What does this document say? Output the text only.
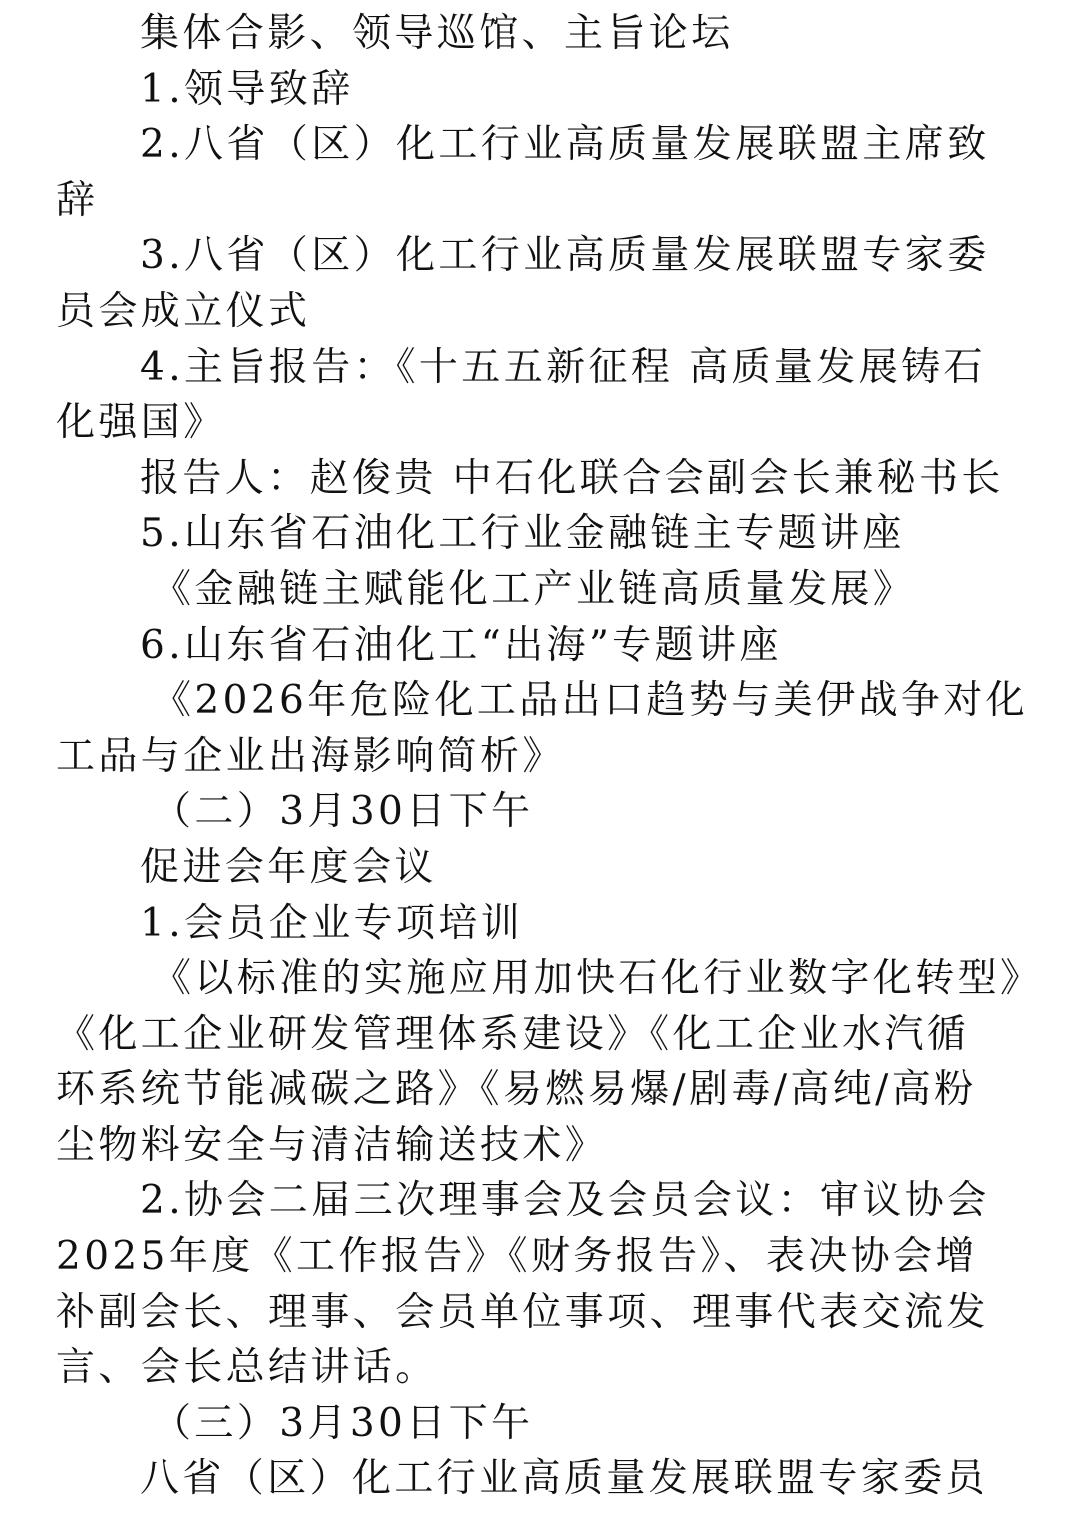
集体合影、领导巡馆、主旨论坛
1.领导致辞
2.八省（区）化工行业高质量发展联盟主席致
辞
3.八省（区）化工行业高质量发展联盟专家委
员会成立仪式
4.主旨报告：《十五五新征程 高质量发展铸石
化强国》
报告人：赵俊贵 中石化联合会副会长兼秘书长
5.山东省石油化工行业金融链主专题讲座
《金融链主赋能化工产业链高质量发展》
6.山东省石油化工“出海”专题讲座
《2026年危险化工品出口趋势与美伊战争对化
工品与企业出海影响简析》
（二）3月30日下午
促进会年度会议
1.会员企业专项培训
《以标准的实施应用加快石化行业数字化转型》
《化工企业研发管理体系建设》《化工企业水汽循
环系统节能减碳之路》《易燃易爆/剧毒/高纯/高粉
尘物料安全与清洁输送技术》
2.协会二届三次理事会及会员会议：审议协会
2025年度《工作报告》《财务报告》、表决协会增
补副会长、理事、会员单位事项、理事代表交流发
言、会长总结讲话。
（三）3月30日下午
八省（区）化工行业高质量发展联盟专家委员
